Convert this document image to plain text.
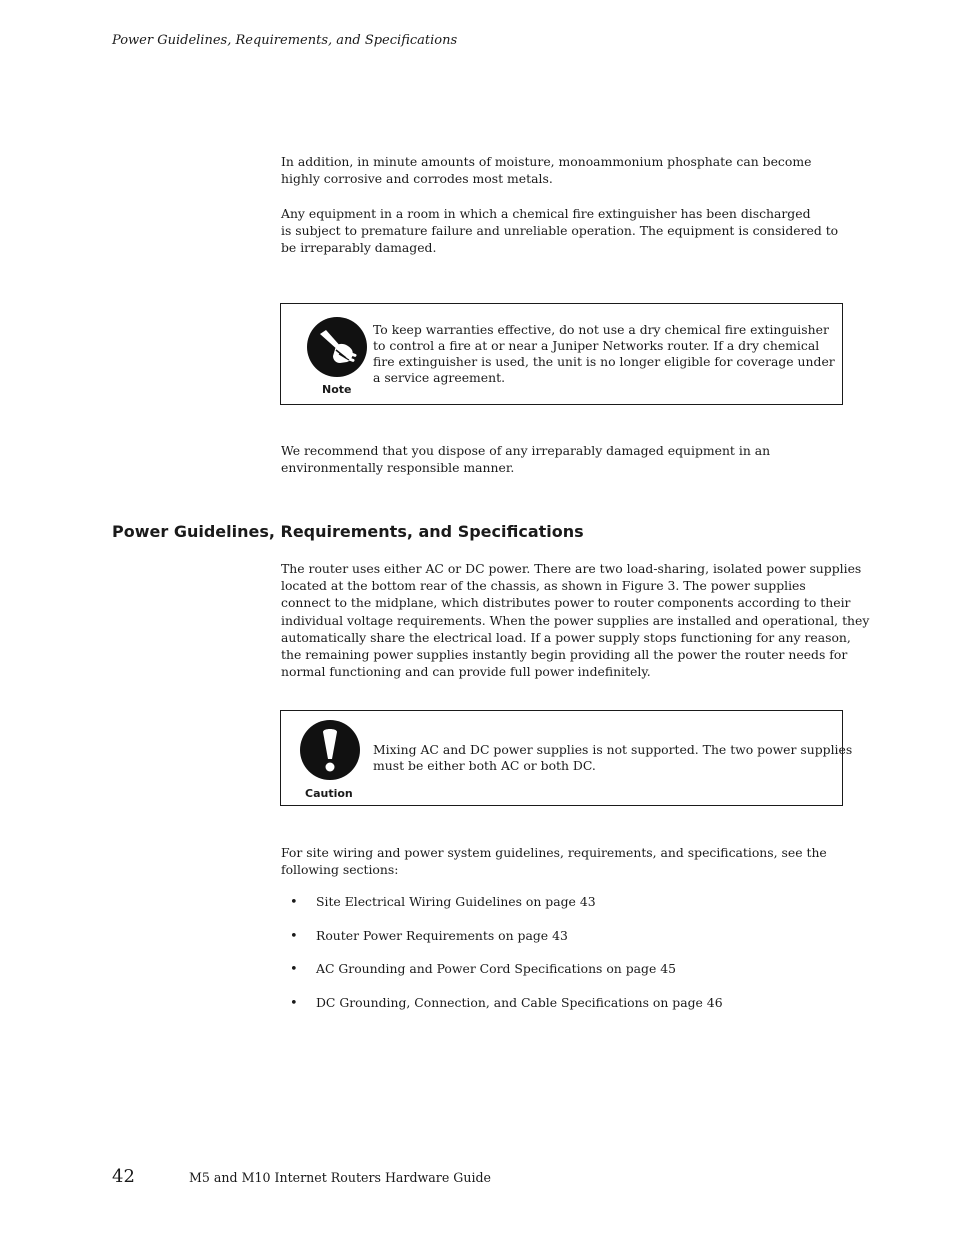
Power Guidelines, Requirements, and Specifications

In addition, in minute amounts of moisture, monoammonium phosphate can become
highly corrosive and corrodes most metals.

Any equipment in a room in which a chemical fire extinguisher has been discharged
is subject to premature failure and unreliable operation. The equipment is considered to
be irreparably damaged.

Note
To keep warranties effective, do not use a dry chemical fire extinguisher
to control a fire at or near a Juniper Networks router. If a dry chemical
fire extinguisher is used, the unit is no longer eligible for coverage under
a service agreement.

We recommend that you dispose of any irreparably damaged equipment in an
environmentally responsible manner.

Power Guidelines, Requirements, and Specifications

The router uses either AC or DC power. There are two load-sharing, isolated power supplies
located at the bottom rear of the chassis, as shown in Figure 3. The power supplies
connect to the midplane, which distributes power to router components according to their
individual voltage requirements. When the power supplies are installed and operational, they
automatically share the electrical load. If a power supply stops functioning for any reason,
the remaining power supplies instantly begin providing all the power the router needs for
normal functioning and can provide full power indefinitely.

Caution
Mixing AC and DC power supplies is not supported. The two power supplies
must be either both AC or both DC.

For site wiring and power system guidelines, requirements, and specifications, see the
following sections:

• Site Electrical Wiring Guidelines on page 43
• Router Power Requirements on page 43
• AC Grounding and Power Cord Specifications on page 45
• DC Grounding, Connection, and Cable Specifications on page 46
42	M5 and M10 Internet Routers Hardware Guide
